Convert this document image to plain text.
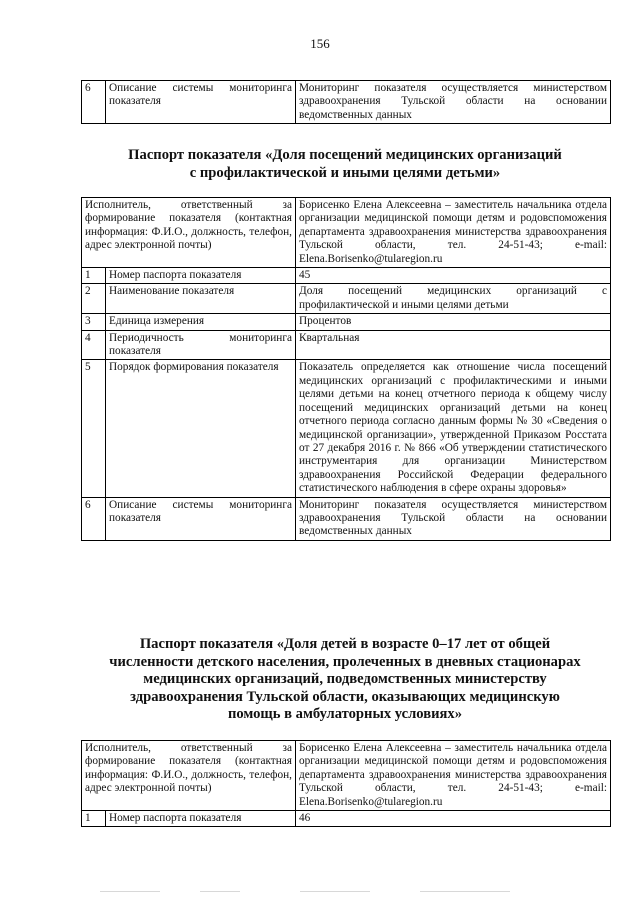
156
6	Описание системы мониторинга показателя	Мониторинг показателя осуществляется министерством здравоохранения Тульской области на основании ведомственных данных
Паспорт показателя «Доля посещений медицинских организаций
с профилактической и иными целями детьми»
Исполнитель, ответственный за формирование показателя (контактная информация: Ф.И.О., должность, телефон, адрес электронной почты)		Борисенко Елена Алексеевна – заместитель начальника отдела организации медицинской помощи детям и родовспоможения департамента здравоохранения министерства здравоохранения Тульской области, тел. 24-51-43; e-mail: Elena.Borisenko@tularegion.ru
1	Номер паспорта показателя	45
2	Наименование показателя	Доля посещений медицинских организаций с профилактической и иными целями детьми
3	Единица измерения	Процентов
4	Периодичность мониторинга показателя	Квартальная
5	Порядок формирования показателя	Показатель определяется как отношение числа посещений медицинских организаций с профилактическими и иными целями детьми на конец отчетного периода к общему числу посещений медицинских организаций детьми на конец отчетного периода согласно данным формы № 30 «Сведения о медицинской организации», утвержденной Приказом Росстата от 27 декабря 2016 г. № 866 «Об утверждении статистического инструментария для организации Министерством здравоохранения Российской Федерации федерального статистического наблюдения в сфере охраны здоровья»
6	Описание системы мониторинга показателя	Мониторинг показателя осуществляется министерством здравоохранения Тульской области на основании ведомственных данных
Паспорт показателя «Доля детей в возрасте 0–17 лет от общей
численности детского населения, пролеченных в дневных стационарах
медицинских организаций, подведомственных министерству
здравоохранения Тульской области, оказывающих медицинскую
помощь в амбулаторных условиях»
Исполнитель, ответственный за формирование показателя (контактная информация: Ф.И.О., должность, телефон, адрес электронной почты)		Борисенко Елена Алексеевна – заместитель начальника отдела организации медицинской помощи детям и родовспоможения департамента здравоохранения министерства здравоохранения Тульской области, тел. 24-51-43; e-mail: Elena.Borisenko@tularegion.ru
1	Номер паспорта показателя	46
